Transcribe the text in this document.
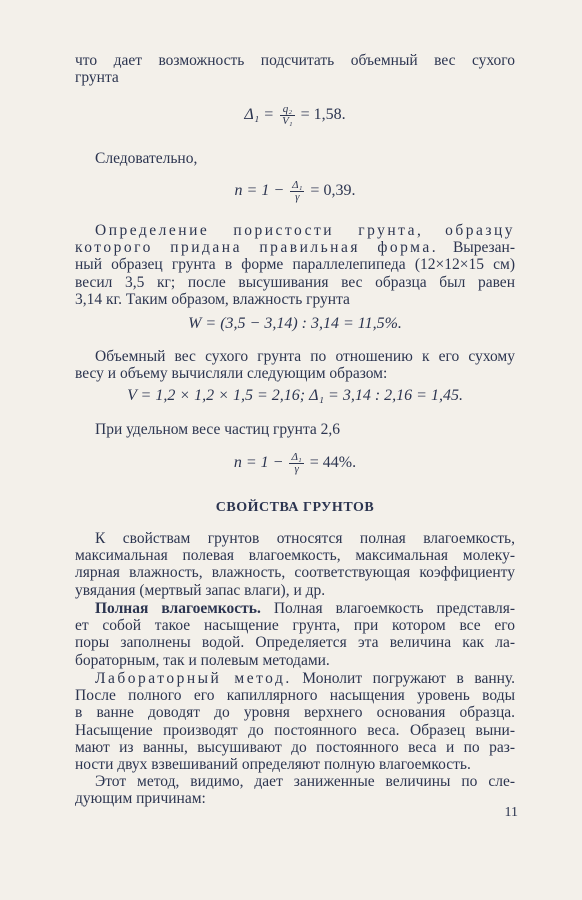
что дает возможность подсчитать объемный вес сухого
грунта
$\Delta_1 = \frac{\text{q₂}}{\text{V₁}} = 1,58$.
Следовательно,
$n = 1 - \frac{\text{Δ₁}}{\gamma} = 0,39$.
Определение пористости грунта, образцу
которого придана правильная форма. Вырезан-
ный образец грунта в форме параллелепипеда (12×12×15 см)
весил 3,5 кг; после высушивания вес образца был равен
3,14 кг. Таким образом, влажность грунта
W = (3,5 − 3,14) : 3,14 = 11,5%.
Объемный вес сухого грунта по отношению к его сухому
весу и объему вычисляли следующим образом:
V = 1,2 × 1,2 × 1,5 = 2,16; Δ₁ = 3,14 : 2,16 = 1,45.
При удельном весе частиц грунта 2,6
$n = 1 - \frac{\text{Δ₁}}{\gamma} = 44\%$.
СВОЙСТВА ГРУНТОВ
К свойствам грунтов относятся полная влагоемкость,
максимальная полевая влагоемкость, максимальная молеку-
лярная влажность, влажность, соответствующая коэффициенту
увядания (мертвый запас влаги), и др.
Полная влагоемкость. Полная влагоемкость представля-
ет собой такое насыщение грунта, при котором все его
поры заполнены водой. Определяется эта величина как ла-
бораторным, так и полевым методами.
Лабораторный метод. Монолит погружают в ванну.
После полного его капиллярного насыщения уровень воды
в ванне доводят до уровня верхнего основания образца.
Насыщение производят до постоянного веса. Образец выни-
мают из ванны, высушивают до постоянного веса и по раз-
ности двух взвешиваний определяют полную влагоемкость.
Этот метод, видимо, дает заниженные величины по сле-
дующим причинам:
11
